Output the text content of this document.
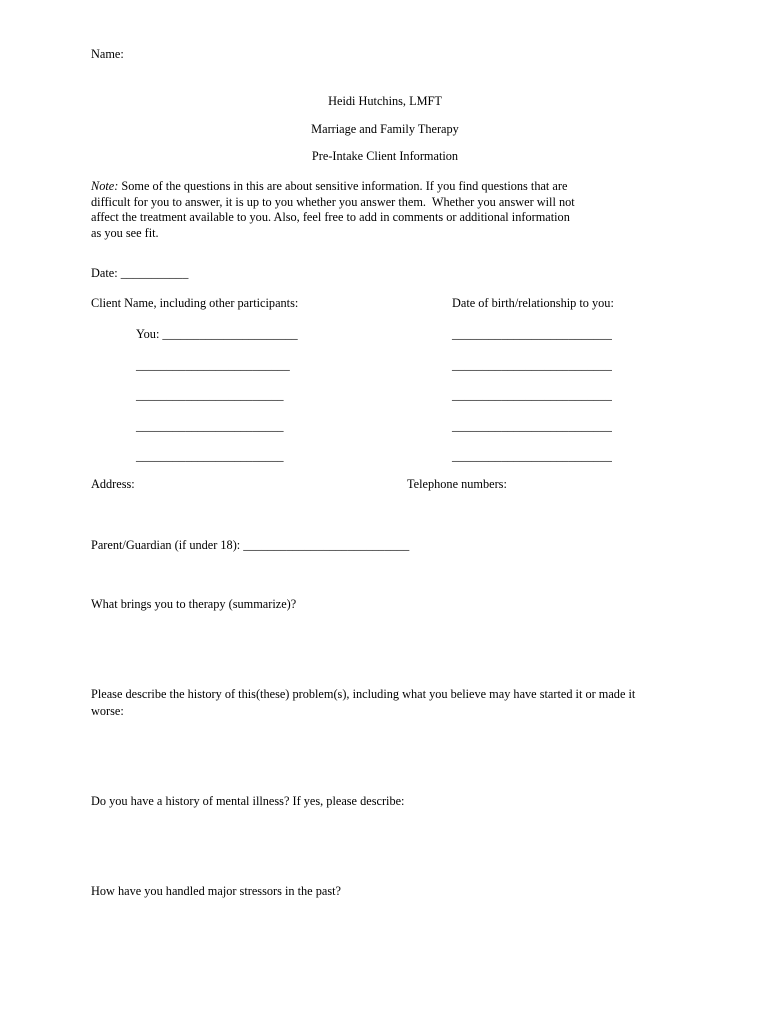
Name:

Heidi Hutchins, LMFT

Marriage and Family Therapy

Pre-Intake Client Information

Note: Some of the questions in this are about sensitive information. If you find questions that are
difficult for you to answer, it is up to you whether you answer them.  Whether you answer will not
affect the treatment available to you. Also, feel free to add in comments or additional information
as you see fit.

Date: ___________

Client Name, including other participants:	Date of birth/relationship to you:

You: ______________________

_________________________

________________________

________________________

________________________

__________________________

__________________________

__________________________

__________________________

__________________________

Address:	Telephone numbers:

Parent/Guardian (if under 18): ___________________________

What brings you to therapy (summarize)?

Please describe the history of this(these) problem(s), including what you believe may have started it or made it

worse:

Do you have a history of mental illness? If yes, please describe:

How have you handled major stressors in the past?
